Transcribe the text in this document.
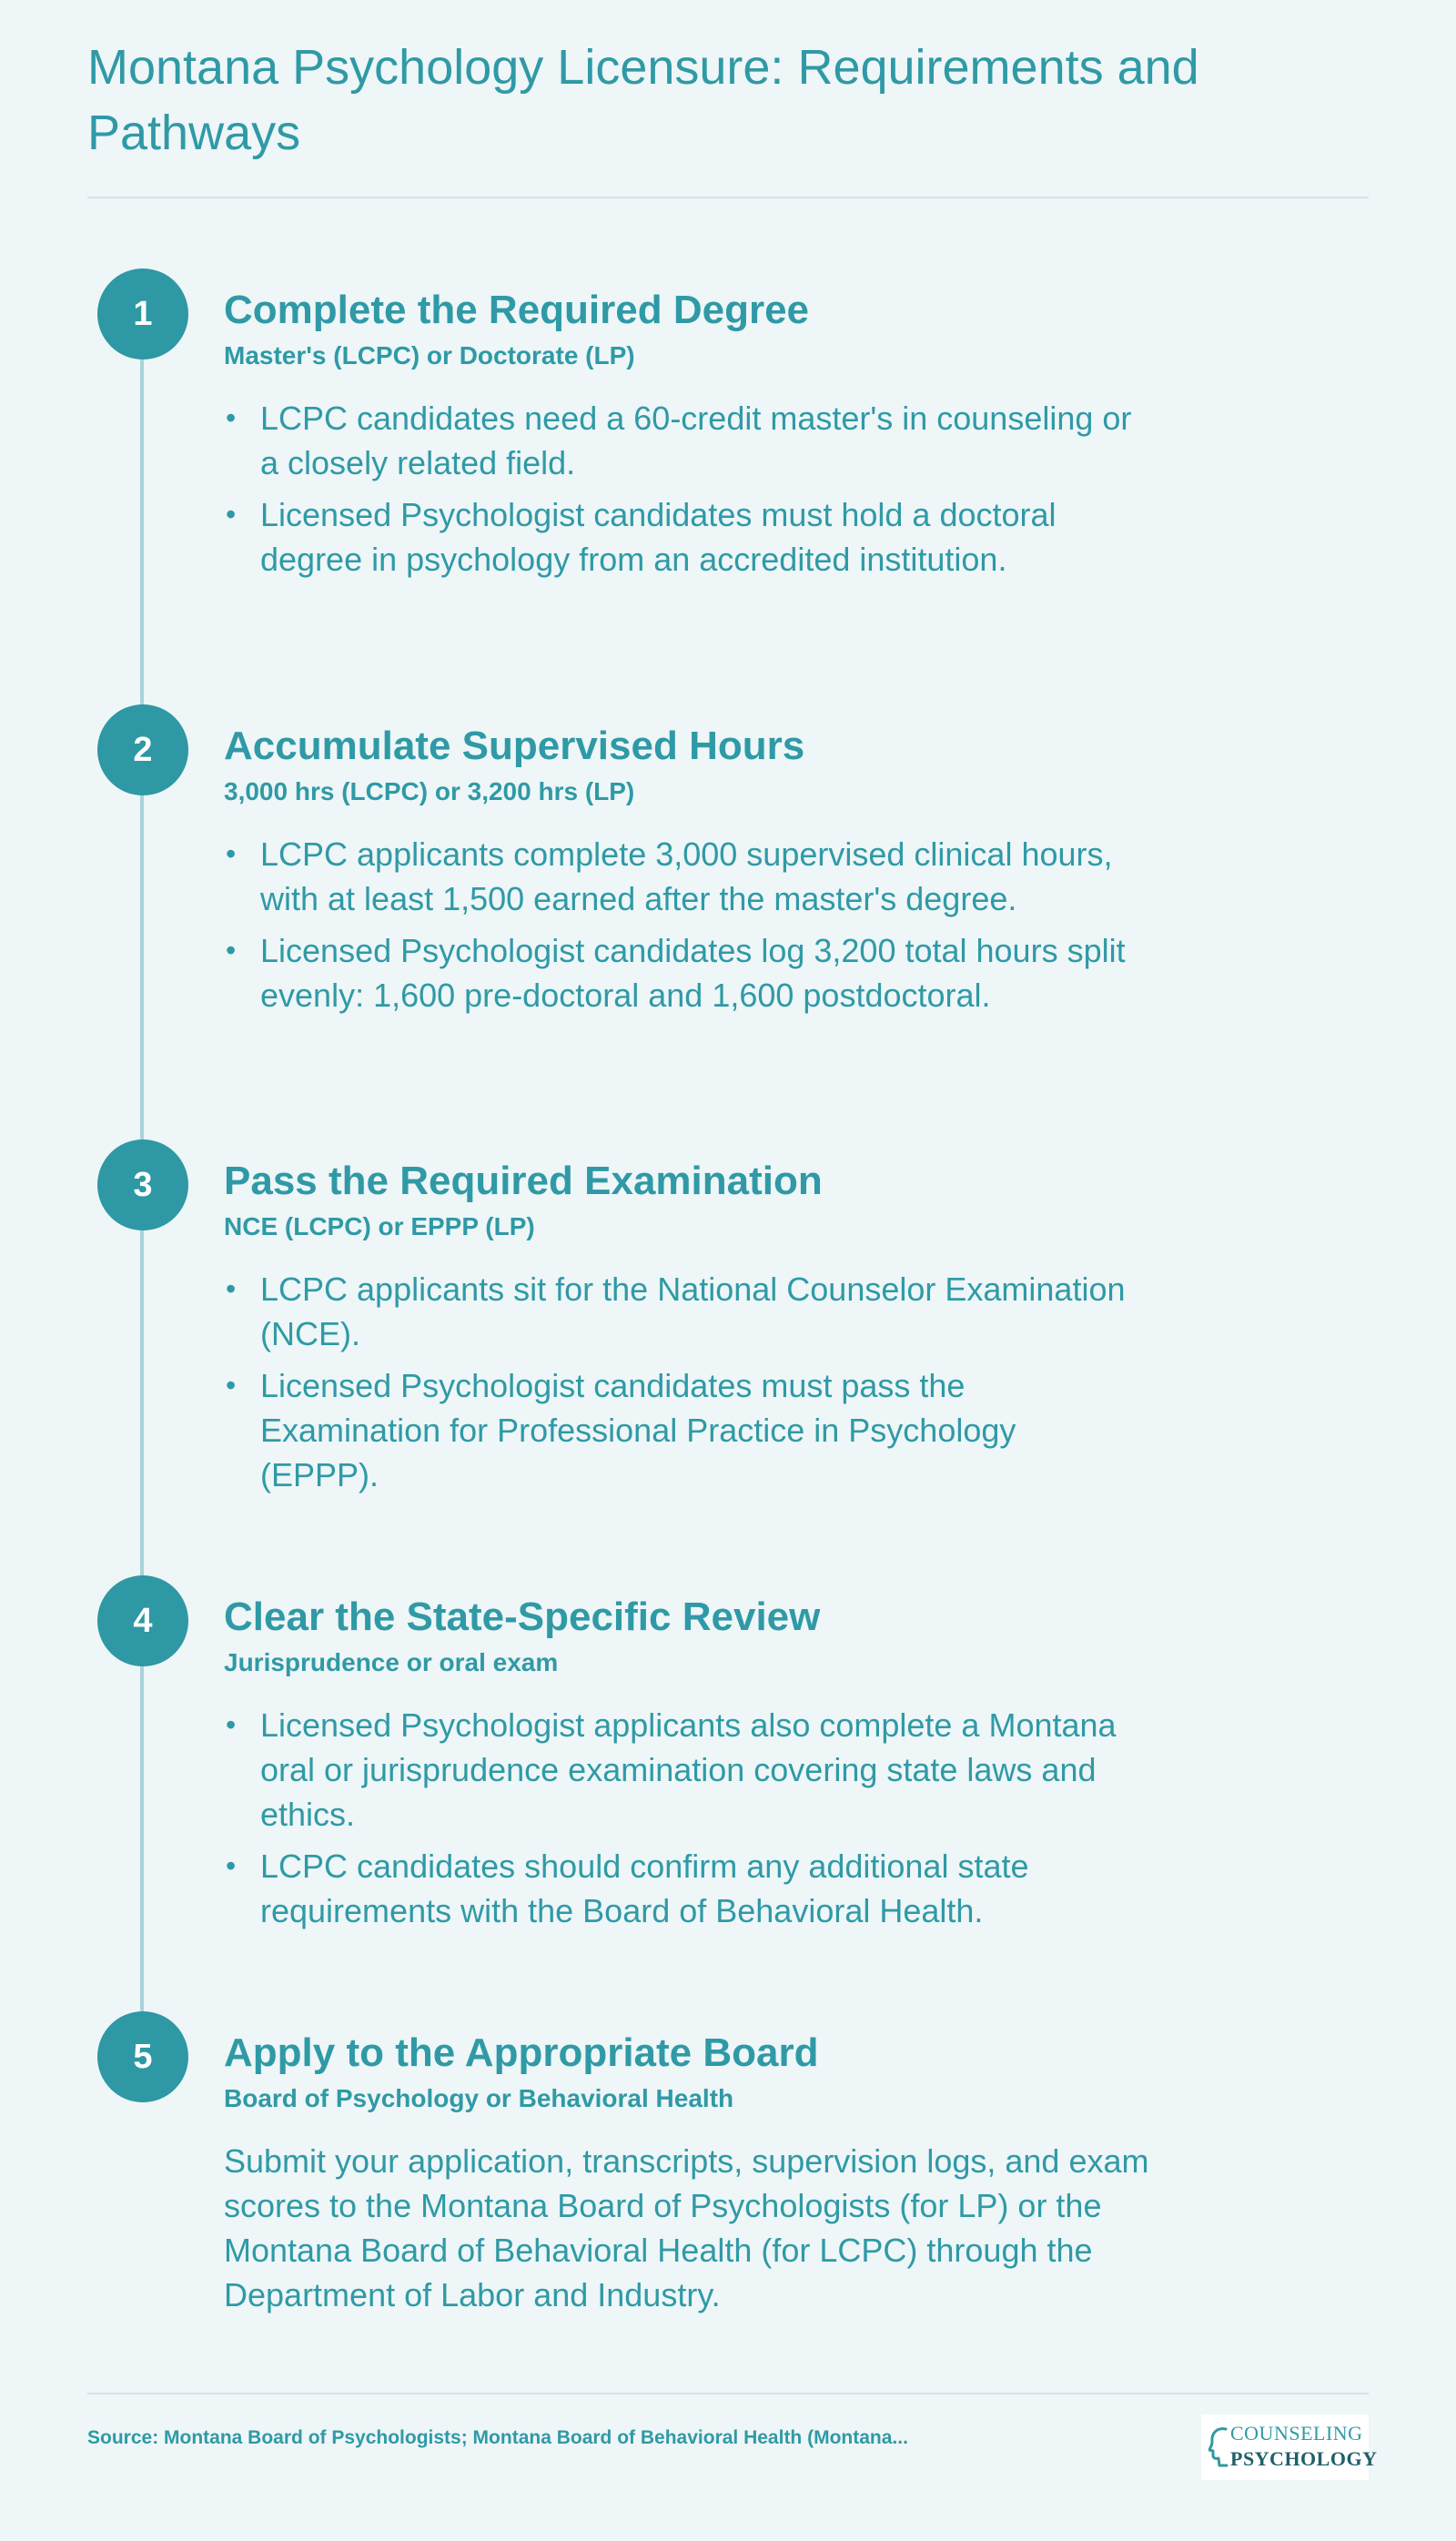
Montana Psychology Licensure: Requirements and Pathways
1	Complete the Required Degree

Master's (LCPC) or Doctorate (LP)

• LCPC candidates need a 60-credit master's in counseling or a closely related field.
• Licensed Psychologist candidates must hold a doctoral degree in psychology from an accredited institution.
2	Accumulate Supervised Hours

3,000 hrs (LCPC) or 3,200 hrs (LP)

• LCPC applicants complete 3,000 supervised clinical hours, with at least 1,500 earned after the master's degree.
• Licensed Psychologist candidates log 3,200 total hours split evenly: 1,600 pre-doctoral and 1,600 postdoctoral.
3	Pass the Required Examination

NCE (LCPC) or EPPP (LP)

• LCPC applicants sit for the National Counselor Examination (NCE).
• Licensed Psychologist candidates must pass the Examination for Professional Practice in Psychology (EPPP).
4	Clear the State-Specific Review

Jurisprudence or oral exam

• Licensed Psychologist applicants also complete a Montana oral or jurisprudence examination covering state laws and ethics.
• LCPC candidates should confirm any additional state requirements with the Board of Behavioral Health.
5	Apply to the Appropriate Board

Board of Psychology or Behavioral Health

Submit your application, transcripts, supervision logs, and exam scores to the Montana Board of Psychologists (for LP) or the Montana Board of Behavioral Health (for LCPC) through the Department of Labor and Industry.

Source: Montana Board of Psychologists; Montana Board of Behavioral Health (Montana...	COUNSELING
PSYCHOLOGY
